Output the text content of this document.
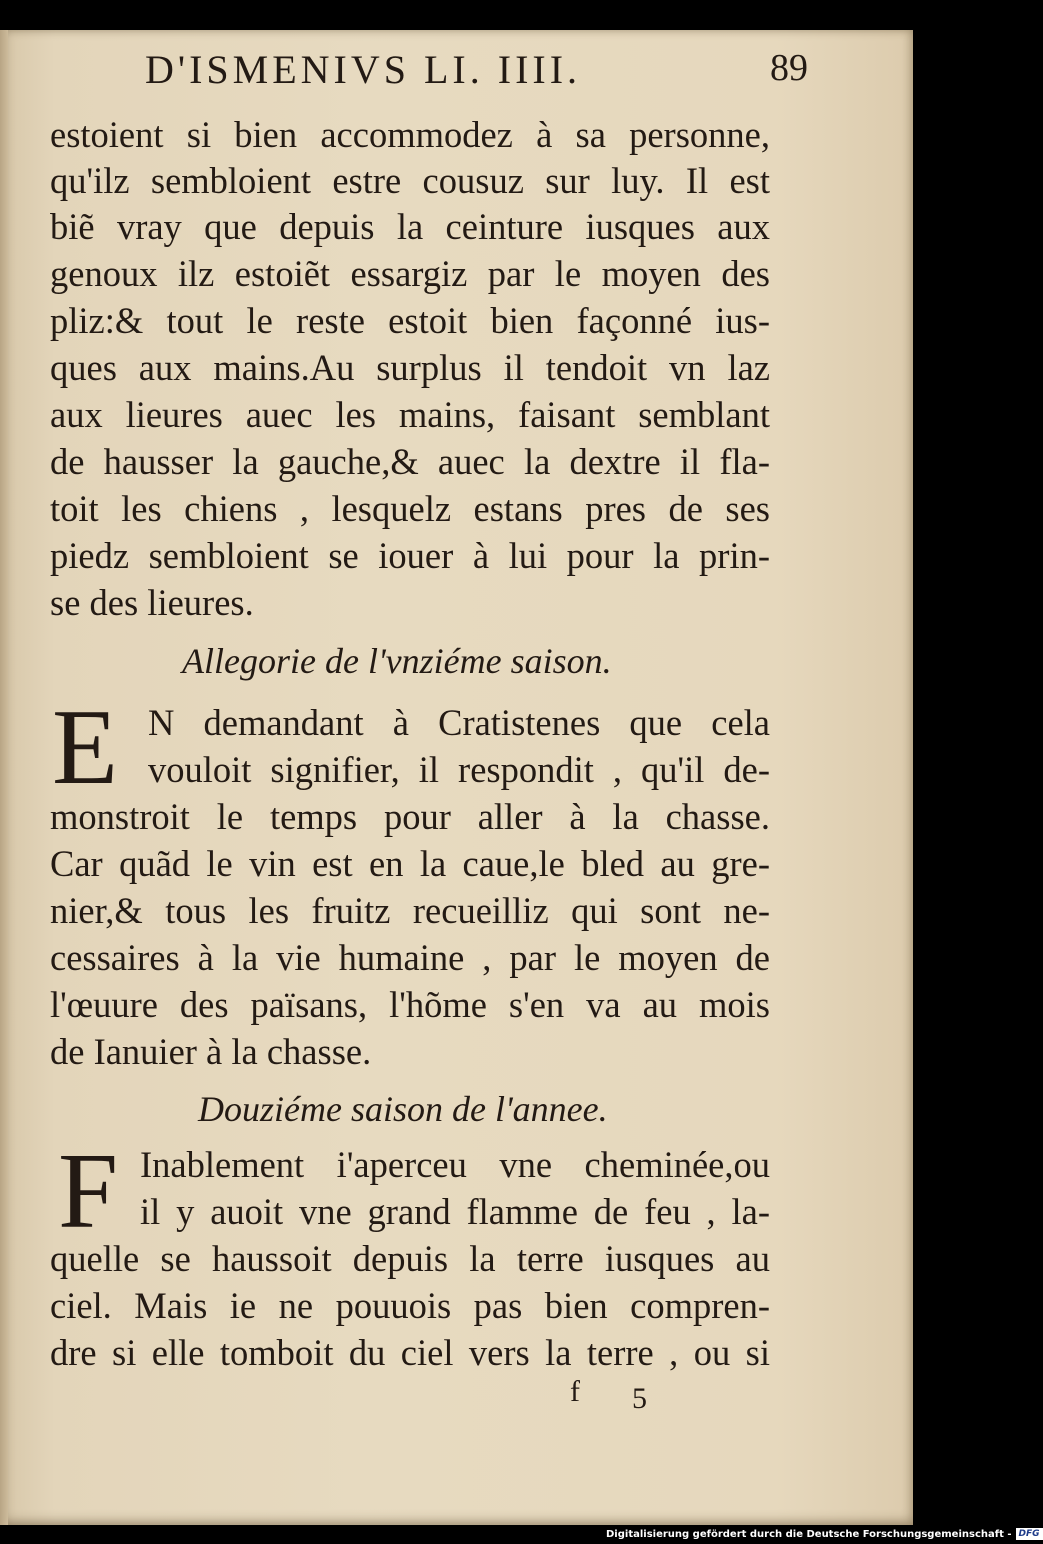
D'ISMENIVS LI. IIII.	89
estoient si bien accommodez à sa personne,
qu'ilz sembloient estre cousuz sur luy. Il est
biẽ vray que depuis la ceinture iusques aux
genoux ilz estoiẽt essargiz par le moyen des
pliz:& tout le reste estoit bien façonné ius-
ques aux mains.Au surplus il tendoit vn laz
aux lieures auec les mains, faisant semblant
de hausser la gauche,& auec la dextre il fla-
toit les chiens , lesquelz estans pres de ses
piedz sembloient se iouer à lui pour la prin-
se des lieures.
Allegorie de l'vnziéme saison.
E N demandant à Cratistenes que cela
vouloit signifier, il respondit , qu'il de-
monstroit le temps pour aller à la chasse.
Car quãd le vin est en la caue,le bled au gre-
nier,& tous les fruitz recueilliz qui sont ne-
cessaires à la vie humaine , par le moyen de
l'œuure des païsans, l'hõme s'en va au mois
de Ianuier à la chasse.
Douziéme saison de l'annee.
F Inablement i'aperceu vne cheminée,ou
il y auoit vne grand flamme de feu , la-
quelle se haussoit depuis la terre iusques au
ciel. Mais ie ne pouuois pas bien compren-
dre si elle tomboit du ciel vers la terre , ou si
f 5
Digitalisierung gefördert durch die Deutsche Forschungsgemeinschaft - DFG
